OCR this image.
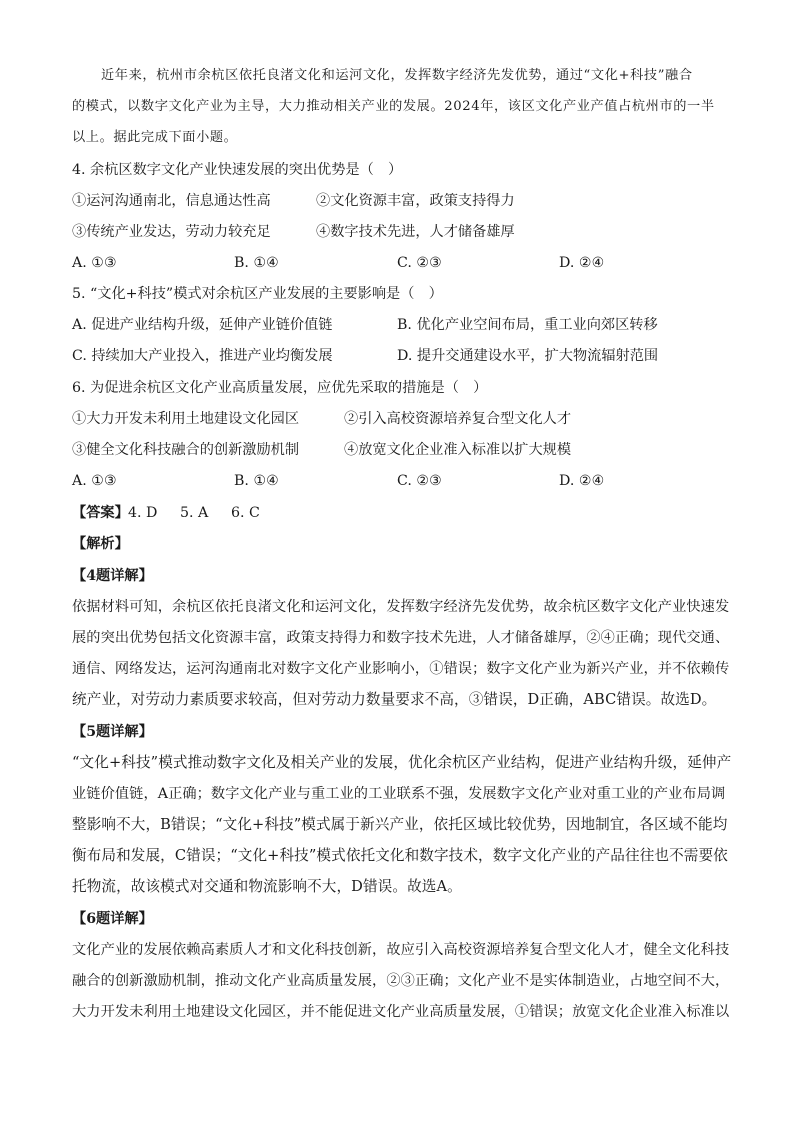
近年来，杭州市余杭区依托良渚文化和运河文化，发挥数字经济先发优势，通过“文化+科技”融合
的模式，以数字文化产业为主导，大力推动相关产业的发展。2024年，该区文化产业产值占杭州市的一半
以上。据此完成下面小题。
4. 余杭区数字文化产业快速发展的突出优势是（　）
①运河沟通南北，信息通达性高	②文化资源丰富，政策支持得力
③传统产业发达，劳动力较充足	④数字技术先进，人才储备雄厚
A. ①③	B. ①④	C. ②③	D. ②④
5. “文化+科技”模式对余杭区产业发展的主要影响是（　）
A. 促进产业结构升级，延伸产业链价值链	B. 优化产业空间布局，重工业向郊区转移
C. 持续加大产业投入，推进产业均衡发展	D. 提升交通建设水平，扩大物流辐射范围
6. 为促进余杭区文化产业高质量发展，应优先采取的措施是（　）
①大力开发未利用土地建设文化园区	②引入高校资源培养复合型文化人才
③健全文化科技融合的创新激励机制	④放宽文化企业准入标准以扩大规模
A. ①③	B. ①④	C. ②③	D. ②④
【答案】 4. D 5. A 6. C
【解析】
【4题详解】
依据材料可知，余杭区依托良渚文化和运河文化，发挥数字经济先发优势，故余杭区数字文化产业快速发
展的突出优势包括文化资源丰富，政策支持得力和数字技术先进，人才储备雄厚，②④正确；现代交通、
通信、网络发达，运河沟通南北对数字文化产业影响小，①错误；数字文化产业为新兴产业，并不依赖传
统产业，对劳动力素质要求较高，但对劳动力数量要求不高，③错误，D正确，ABC错误。故选D。
【5题详解】
“文化+科技”模式推动数字文化及相关产业的发展，优化余杭区产业结构，促进产业结构升级，延伸产
业链价值链，A正确；数字文化产业与重工业的工业联系不强，发展数字文化产业对重工业的产业布局调
整影响不大，B错误；“文化+科技”模式属于新兴产业，依托区域比较优势，因地制宜，各区域不能均
衡布局和发展，C错误；“文化+科技”模式依托文化和数字技术，数字文化产业的产品往往也不需要依
托物流，故该模式对交通和物流影响不大，D错误。故选A。
【6题详解】
文化产业的发展依赖高素质人才和文化科技创新，故应引入高校资源培养复合型文化人才，健全文化科技
融合的创新激励机制，推动文化产业高质量发展，②③正确；文化产业不是实体制造业，占地空间不大，
大力开发未利用土地建设文化园区，并不能促进文化产业高质量发展，①错误；放宽文化企业准入标准以
